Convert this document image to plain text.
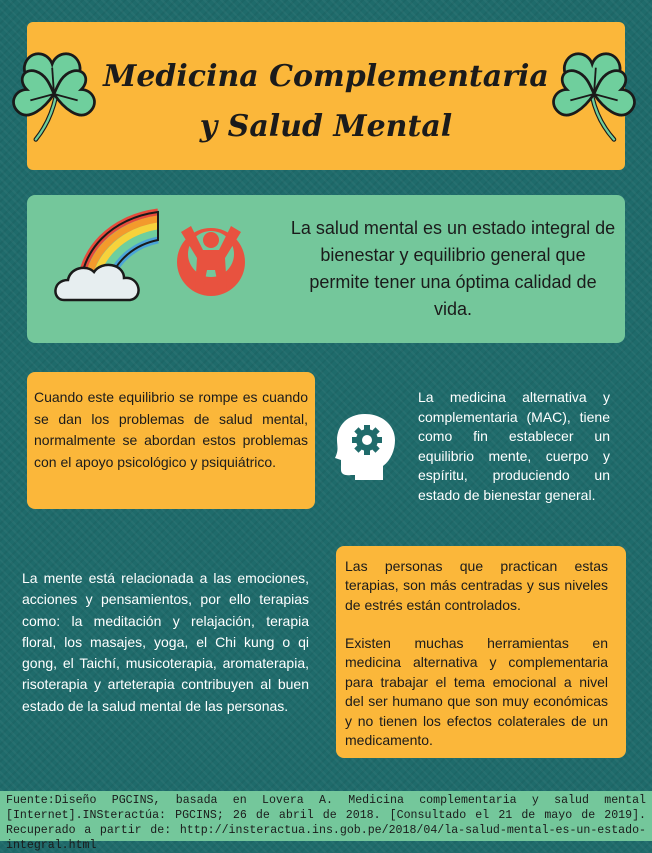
Medicina Complementaria
y Salud Mental
La salud mental es un estado integral de bienestar y equilibrio general que permite tener una óptima calidad de vida.
Cuando este equilibrio se rompe es cuando se dan los problemas de salud mental, normalmente se abordan estos problemas con el apoyo psicológico y psiquiátrico.
La medicina alternativa y complementaria (MAC), tiene como fin establecer un equilibrio mente, cuerpo y espíritu, produciendo un estado de bienestar general.
La mente está relacionada a las emociones, acciones y pensamientos, por ello terapias como: la meditación y relajación, terapia floral, los masajes, yoga, el Chi kung o qi gong, el Taichí, musicoterapia, aromaterapia, risoterapia y arteterapia contribuyen al buen estado de la salud mental de las personas.
Las personas que practican estas terapias, son más centradas y sus niveles de estrés están controlados.
Existen muchas herramientas en medicina alternativa y complementaria para trabajar el tema emocional a nivel del ser humano que son muy económicas y no tienen los efectos colaterales de un medicamento.
Fuente:Diseño PGCINS, basada en Lovera A. Medicina complementaria y salud mental [Internet].INSteractúa: PGCINS; 26 de abril de 2018. [Consultado el 21 de mayo de 2019]. Recuperado a partir de: http://insteractua.ins.gob.pe/2018/04/la-salud-mental-es-un-estado-integral.html
